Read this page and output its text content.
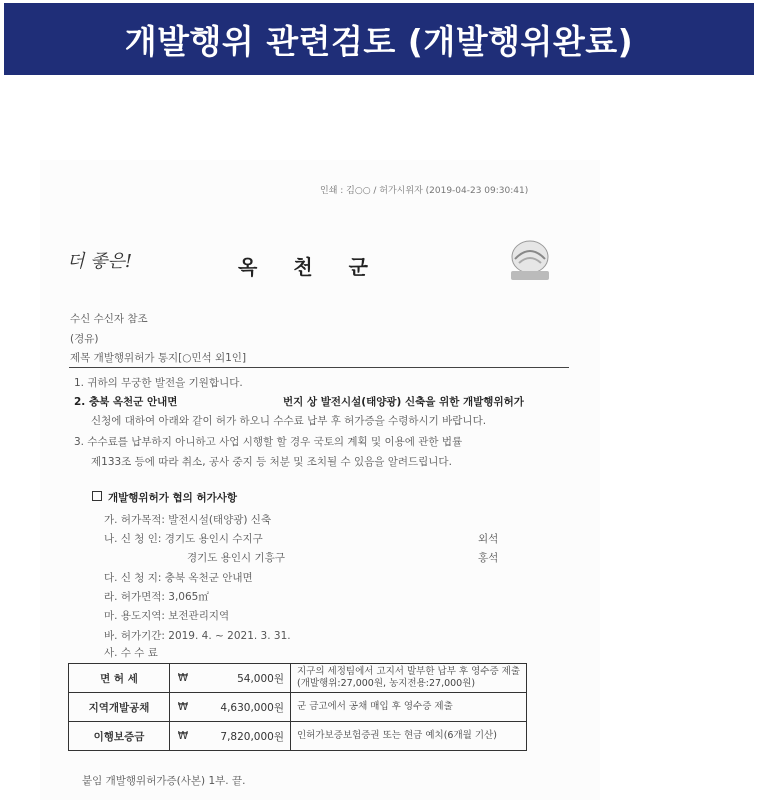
개발행위 관련검토 (개발행위완료)
인쇄 : 김○○ / 허가시위자 (2019-04-23 09:30:41)
더 좋은!	옥 천 군
수신 수신자 참조
(경유)
제목 개발행위허가 통지[○민석 외1인]
1. 귀하의 무궁한 발전을 기원합니다.
2. 충북 옥천군 안내면	번지 상 발전시설(태양광) 신축을 위한 개발행위허가
신청에 대하여 아래와 같이 허가 하오니 수수료 납부 후 허가증을 수령하시기 바랍니다.
3. 수수료를 납부하지 아니하고 사업 시행할 할 경우 국토의 계획 및 이용에 관한 법률
제133조 등에 따라 취소, 공사 중지 등 처분 및 조치될 수 있음을 알려드립니다.
개발행위허가 협의 허가사항
가. 허가목적: 발전시설(태양광) 신축
나. 신 청 인: 경기도 용인시 수지구	외석
경기도 용인시 기흥구	홍석
다. 신 청 지: 충북 옥천군 안내면
라. 허가면적: 3,065㎡
마. 용도지역: 보전관리지역
바. 허가기간: 2019. 4. ~ 2021. 3. 31.
사. 수 수 료
면 허 세	₩	54,000원	지구의 세정팀에서 고지서 발부한 납부 후 영수증 제출
(개발행위:27,000원, 농지전용:27,000원)

지역개발공채	₩	4,630,000원	군 금고에서 공채 매입 후 영수증 제출
이행보증금	₩	7,820,000원	인허가보증보험증권 또는 현금 예치(6개월 기산)
붙임 개발행위허가증(사본) 1부. 끝.
